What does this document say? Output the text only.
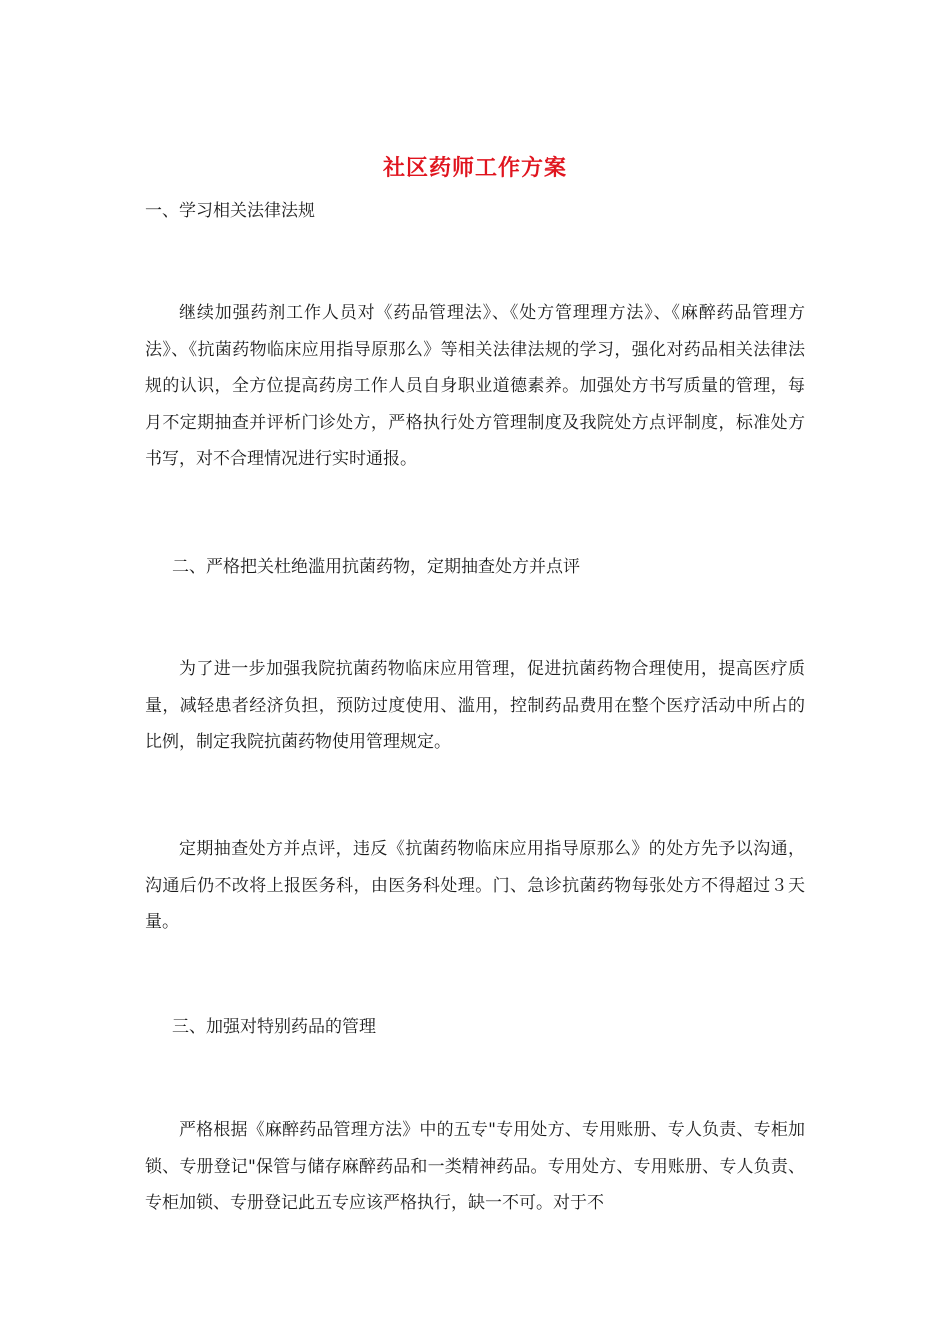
社区药师工作方案
一、学习相关法律法规
继续加强药剂工作人员对《药品管理法》、《处方管理理方法》、《麻醉药品管理方法》、《抗菌药物临床应用指导原那么》等相关法律法规的学习，强化对药品相关法律法规的认识，全方位提高药房工作人员自身职业道德素养。加强处方书写质量的管理，每月不定期抽查并评析门诊处方，严格执行处方管理制度及我院处方点评制度，标准处方书写，对不合理情况进行实时通报。
二、严格把关杜绝滥用抗菌药物，定期抽查处方并点评
为了进一步加强我院抗菌药物临床应用管理，促进抗菌药物合理使用，提高医疗质量，减轻患者经济负担，预防过度使用、滥用，控制药品费用在整个医疗活动中所占的比例，制定我院抗菌药物使用管理规定。
定期抽查处方并点评，违反《抗菌药物临床应用指导原那么》的处方先予以沟通，沟通后仍不改将上报医务科，由医务科处理。门、急诊抗菌药物每张处方不得超过３天量。
三、加强对特别药品的管理
严格根据《麻醉药品管理方法》中的五专"专用处方、专用账册、专人负责、专柜加锁、专册登记"保管与储存麻醉药品和一类精神药品。专用处方、专用账册、专人负责、专柜加锁、专册登记此五专应该严格执行，缺一不可。对于不
